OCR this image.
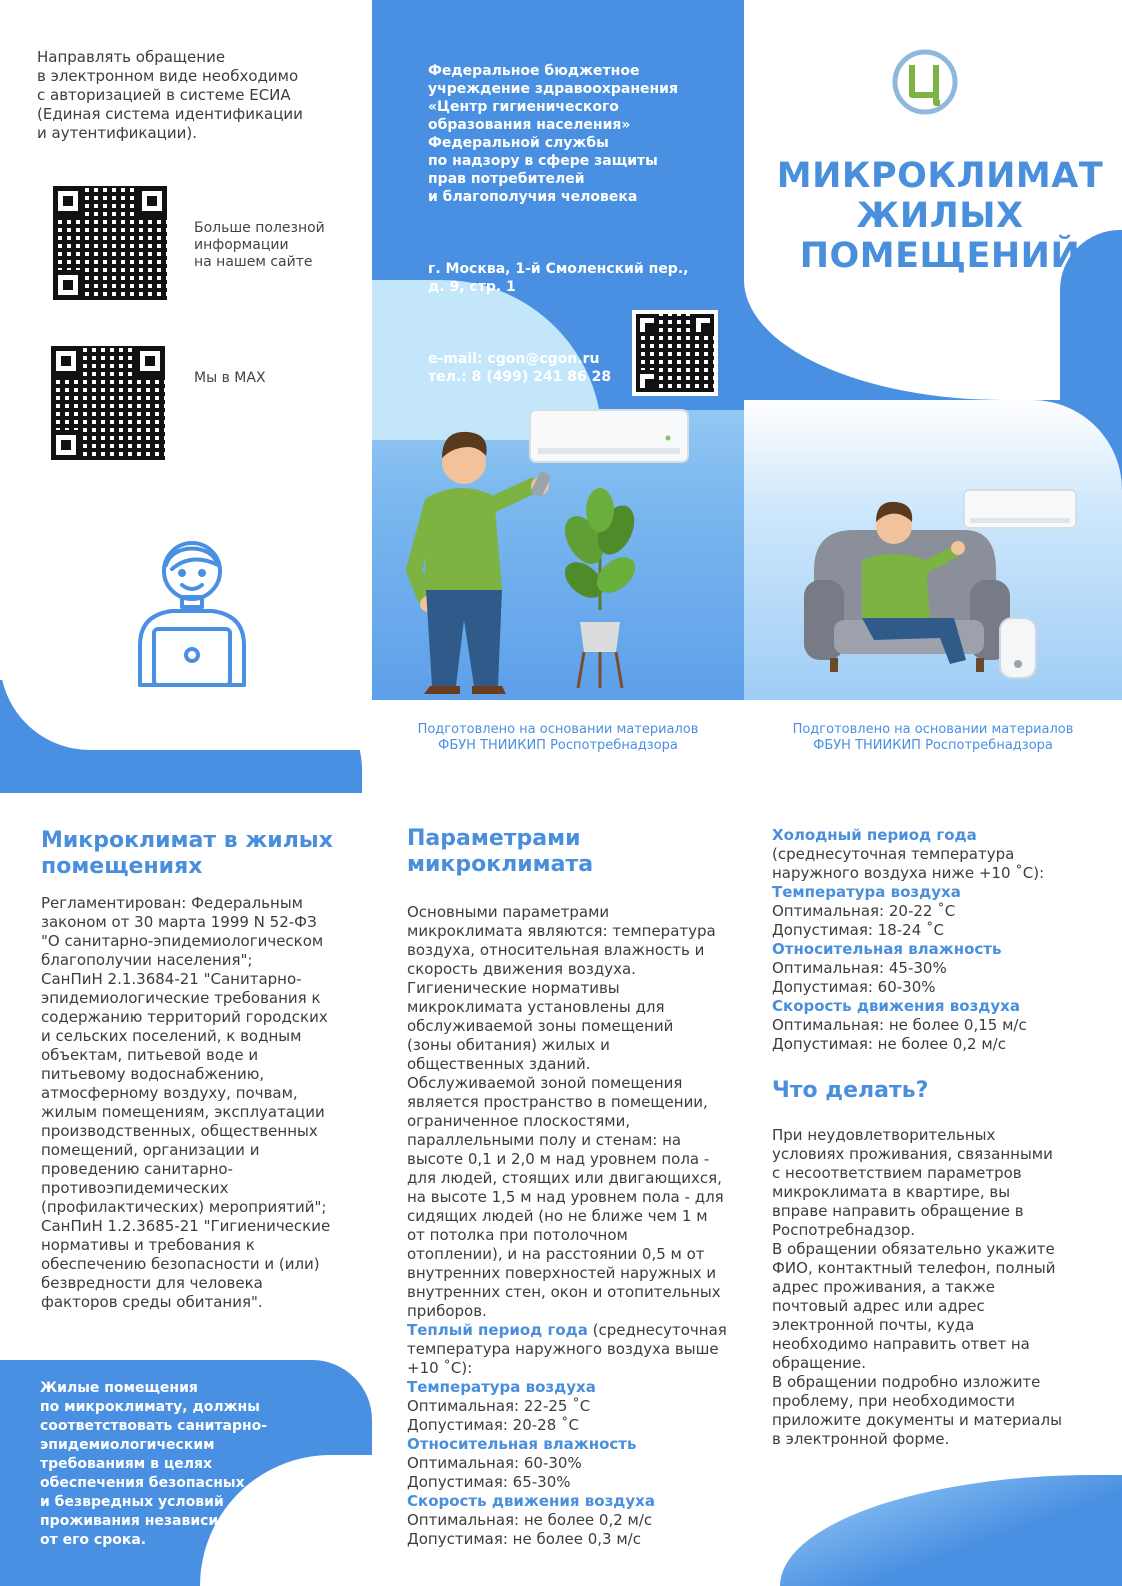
Направлять обращение
в электронном виде необходимо
с авторизацией в системе ЕСИА
(Единая система идентификации
и аутентификации).
Больше полезной
информации
на нашем сайте
Мы в MAX

Федеральное бюджетное
учреждение здравоохранения
«Центр гигиенического
образования населения»
Федеральной службы
по надзору в сфере защиты
прав потребителей
и благополучия человека

г. Москва, 1-й Смоленский пер.,
д. 9, стр. 1

e-mail: cgon@cgon.ru
тел.: 8 (499) 241 86 28

МИКРОКЛИМАТ
ЖИЛЫХ
ПОМЕЩЕНИЙ
Подготовлено на основании материалов
ФБУН ТНИИКИП Роспотребнадзора
Подготовлено на основании материалов
ФБУН ТНИИКИП Роспотребнадзора
Микроклимат в жилых
помещениях
Регламентирован: Федеральным
законом от 30 марта 1999 N 52-ФЗ
"О санитарно-эпидемиологическом
благополучии населения";
СанПиН 2.1.3684-21 "Санитарно-
эпидемиологические требования к
содержанию территорий городских
и сельских поселений, к водным
объектам, питьевой воде и
питьевому водоснабжению,
атмосферному воздуху, почвам,
жилым помещениям, эксплуатации
производственных, общественных
помещений, организации и
проведению санитарно-
противоэпидемических
(профилактических) мероприятий";
СанПиН 1.2.3685-21 "Гигиенические
нормативы и требования к
обеспечению безопасности и (или)
безвредности для человека
факторов среды обитания".
Жилые помещения
по микроклимату, должны
соответствовать санитарно-
эпидемиологическим
требованиям в целях
обеспечения безопасных
и безвредных условий
проживания независимо
от его срока.
Параметрами
микроклимата
Основными параметрами
микроклимата являются: температура
воздуха, относительная влажность и
скорость движения воздуха.
Гигиенические нормативы
микроклимата установлены для
обслуживаемой зоны помещений
(зоны обитания) жилых и
общественных зданий.
Обслуживаемой зоной помещения
является пространство в помещении,
ограниченное плоскостями,
параллельными полу и стенам: на
высоте 0,1 и 2,0 м над уровнем пола -
для людей, стоящих или двигающихся,
на высоте 1,5 м над уровнем пола - для
сидящих людей (но не ближе чем 1 м
от потолка при потолочном
отоплении), и на расстоянии 0,5 м от
внутренних поверхностей наружных и
внутренних стен, окон и отопительных
приборов.
Теплый период года (среднесуточная
температура наружного воздуха выше
+10 ˚C):
Температура воздуха
Оптимальная: 22-25 ˚C
Допустимая: 20-28 ˚C
Относительная влажность
Оптимальная: 60-30%
Допустимая: 65-30%
Скорость движения воздуха
Оптимальная: не более 0,2 м/с
Допустимая: не более 0,3 м/с
Холодный период года
(среднесуточная температура
наружного воздуха ниже +10 ˚C):
Температура воздуха
Оптимальная: 20-22 ˚C
Допустимая: 18-24 ˚C
Относительная влажность
Оптимальная: 45-30%
Допустимая: 60-30%
Скорость движения воздуха
Оптимальная: не более 0,15 м/с
Допустимая: не более 0,2 м/с
Что делать?
При неудовлетворительных
условиях проживания, связанными
с несоответствием параметров
микроклимата в квартире, вы
вправе направить обращение в
Роспотребнадзор.
В обращении обязательно укажите
ФИО, контактный телефон, полный
адрес проживания, а также
почтовый адрес или адрес
электронной почты, куда
необходимо направить ответ на
обращение.
В обращении подробно изложите
проблему, при необходимости
приложите документы и материалы
в электронной форме.
